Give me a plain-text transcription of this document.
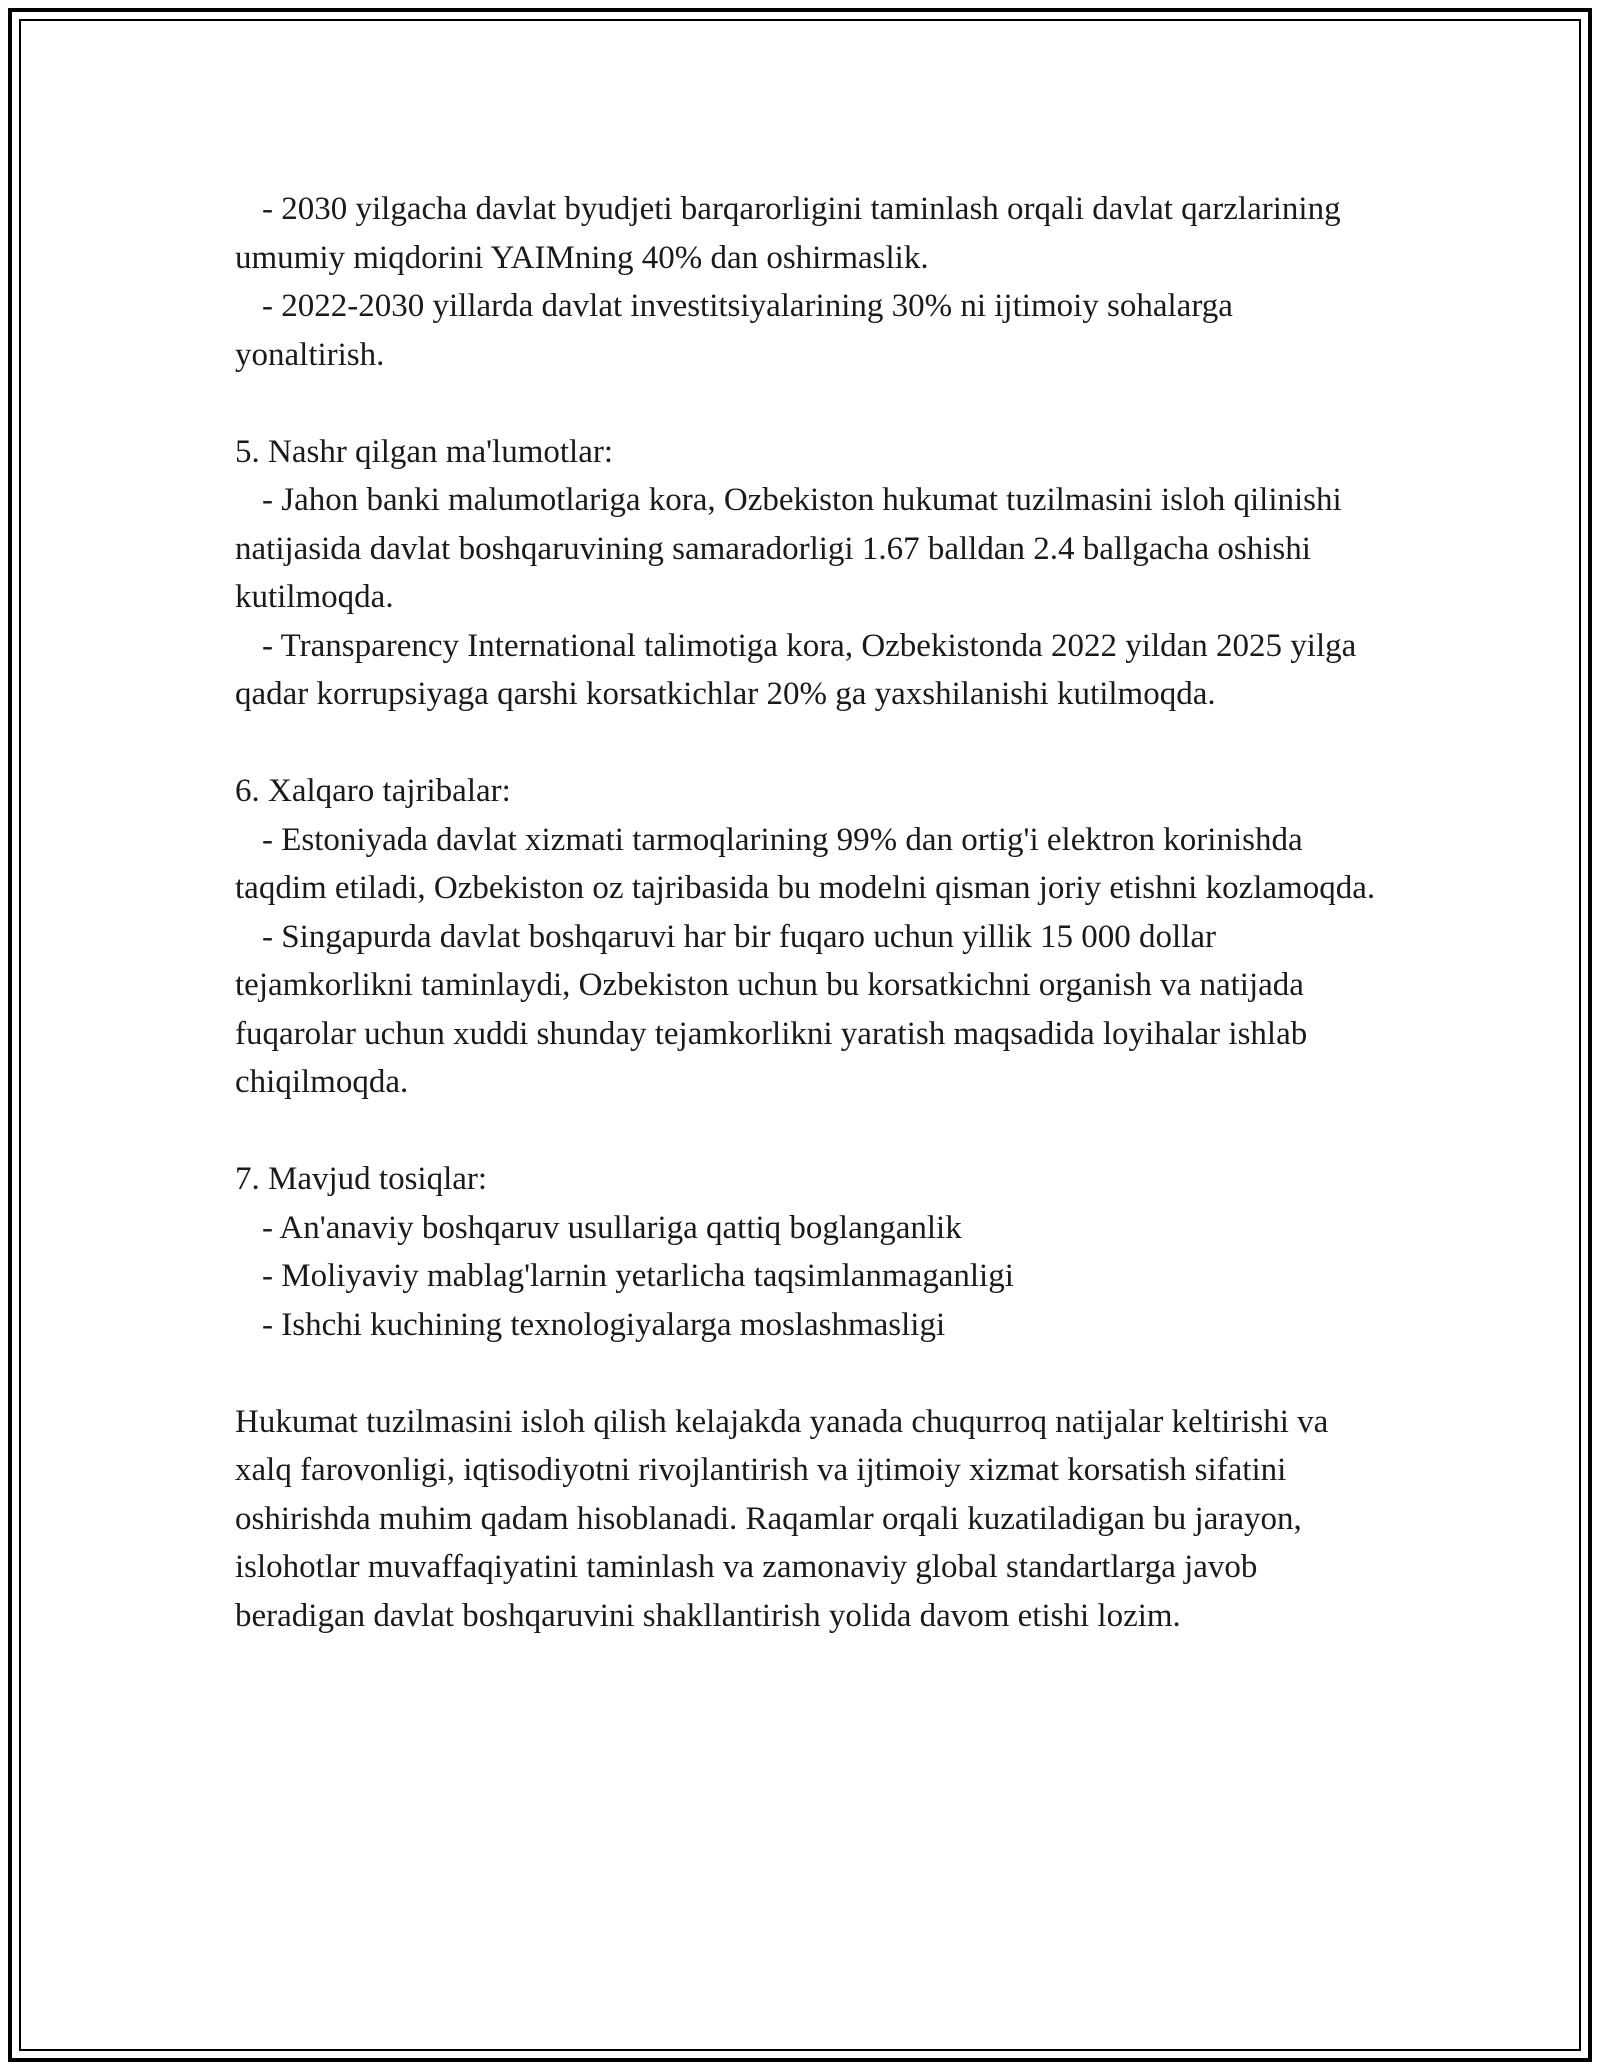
- 2030 yilgacha davlat byudjeti barqarorligini taminlash orqali davlat qarzlarining umumiy miqdorini YAIMning 40% dan oshirmaslik.

- 2022-2030 yillarda davlat investitsiyalarining 30% ni ijtimoiy sohalarga yonaltirish.

5. Nashr qilgan ma'lumotlar:

- Jahon banki malumotlariga kora, Ozbekiston hukumat tuzilmasini isloh qilinishi natijasida davlat boshqaruvining samaradorligi 1.67 balldan 2.4 ballgacha oshishi kutilmoqda.

- Transparency International talimotiga kora, Ozbekistonda 2022 yildan 2025 yilga qadar korrupsiyaga qarshi korsatkichlar 20% ga yaxshilanishi kutilmoqda.

6. Xalqaro tajribalar:

- Estoniyada davlat xizmati tarmoqlarining 99% dan ortig'i elektron korinishda taqdim etiladi, Ozbekiston oz tajribasida bu modelni qisman joriy etishni kozlamoqda.

- Singapurda davlat boshqaruvi har bir fuqaro uchun yillik 15 000 dollar tejamkorlikni taminlaydi, Ozbekiston uchun bu korsatkichni organish va natijada fuqarolar uchun xuddi shunday tejamkorlikni yaratish maqsadida loyihalar ishlab chiqilmoqda.

7. Mavjud tosiqlar:

- An'anaviy boshqaruv usullariga qattiq boglanganlik

- Moliyaviy mablag'larnin yetarlicha taqsimlanmaganligi

- Ishchi kuchining texnologiyalarga moslashmasligi

Hukumat tuzilmasini isloh qilish kelajakda yanada chuqurroq natijalar keltirishi va xalq farovonligi, iqtisodiyotni rivojlantirish va ijtimoiy xizmat korsatish sifatini oshirishda muhim qadam hisoblanadi. Raqamlar orqali kuzatiladigan bu jarayon, islohotlar muvaffaqiyatini taminlash va zamonaviy global standartlarga javob beradigan davlat boshqaruvini shakllantirish yolida davom etishi lozim.
